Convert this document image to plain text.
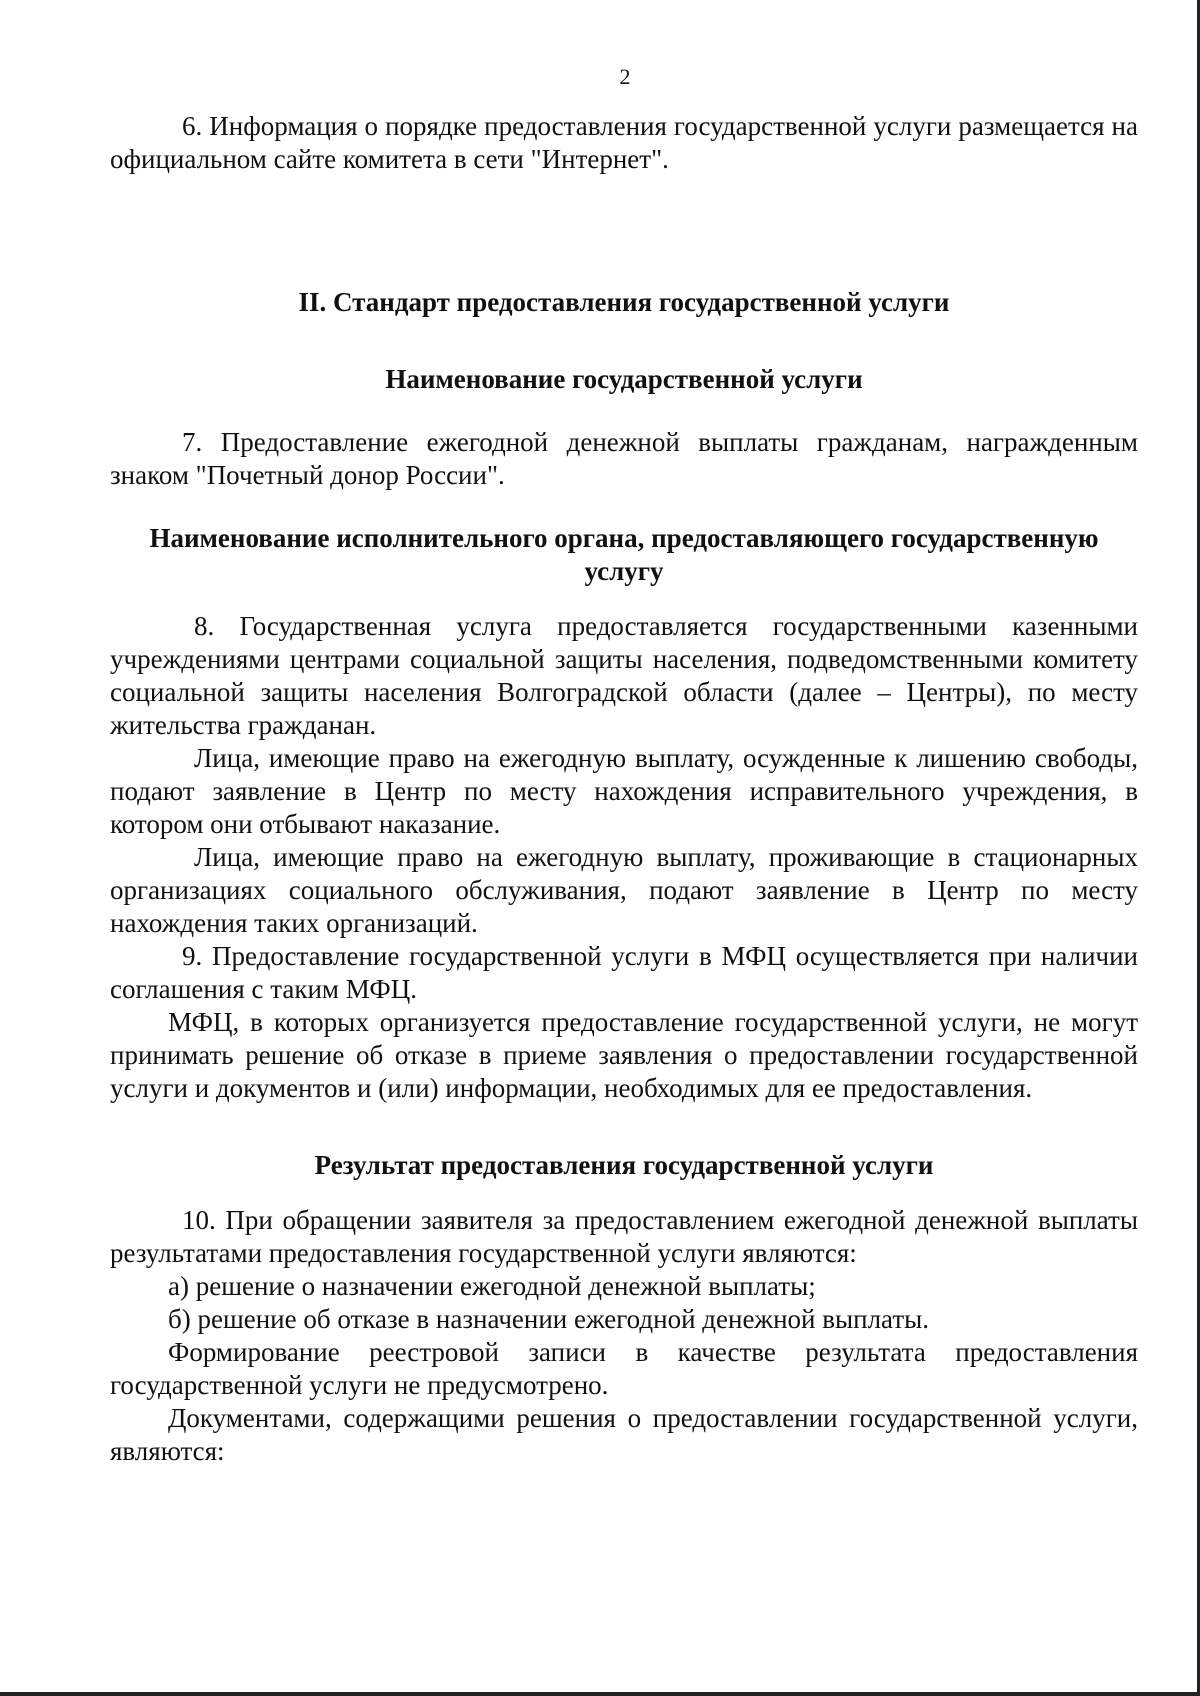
2

6. Информация о порядке предоставления государственной услуги размещается на официальном сайте комитета в сети "Интернет".

II. Стандарт предоставления государственной услуги
Наименование государственной услуги

7. Предоставление ежегодной денежной выплаты гражданам, награжденным знаком "Почетный донор России".

Наименование исполнительного органа, предоставляющего государственную услугу

8. Государственная услуга предоставляется государственными казенными учреждениями центрами социальной защиты населения, подведомственными комитету социальной защиты населения Волгоградской области (далее – Центры), по месту жительства гражданан.

Лица, имеющие право на ежегодную выплату, осужденные к лишению свободы, подают заявление в Центр по месту нахождения исправительного учреждения, в котором они отбывают наказание.

Лица, имеющие право на ежегодную выплату, проживающие в стационарных организациях социального обслуживания, подают заявление в Центр по месту нахождения таких организаций.

9. Предоставление государственной услуги в МФЦ осуществляется при наличии соглашения с таким МФЦ.

МФЦ, в которых организуется предоставление государственной услуги, не могут принимать решение об отказе в приеме заявления о предоставлении государственной услуги и документов и (или) информации, необходимых для ее предоставления.

Результат предоставления государственной услуги

10. При обращении заявителя за предоставлением ежегодной денежной выплаты результатами предоставления государственной услуги являются:

а) решение о назначении ежегодной денежной выплаты;

б) решение об отказе в назначении ежегодной денежной выплаты.

Формирование реестровой записи в качестве результата предоставления государственной услуги не предусмотрено.

Документами, содержащими решения о предоставлении государственной услуги, являются:
